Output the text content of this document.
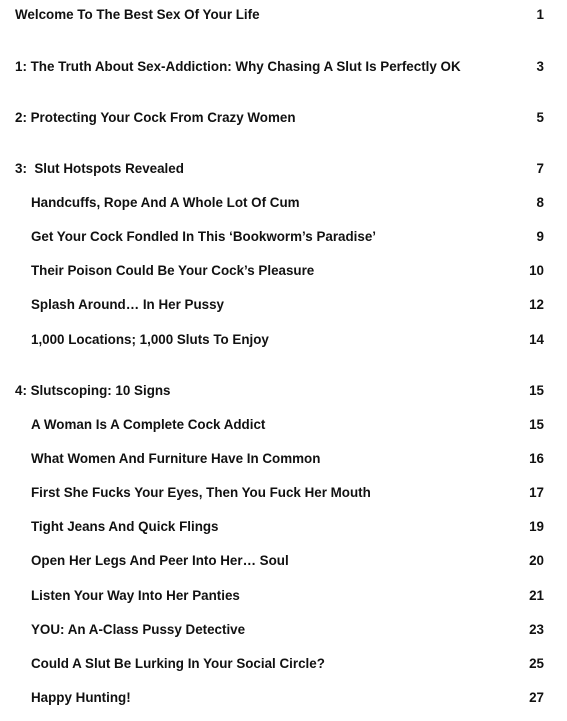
Welcome To The Best Sex Of Your Life	1
1: The Truth About Sex-Addiction: Why Chasing A Slut Is Perfectly OK	3
2: Protecting Your Cock From Crazy Women	5
3:  Slut Hotspots Revealed	7
Handcuffs, Rope And A Whole Lot Of Cum	8
Get Your Cock Fondled In This ‘Bookworm’s Paradise’	9
Their Poison Could Be Your Cock’s Pleasure	10
Splash Around… In Her Pussy	12
1,000 Locations; 1,000 Sluts To Enjoy	14
4: Slutscoping: 10 Signs	15
A Woman Is A Complete Cock Addict	15
What Women And Furniture Have In Common	16
First She Fucks Your Eyes, Then You Fuck Her Mouth	17
Tight Jeans And Quick Flings	19
Open Her Legs And Peer Into Her… Soul	20
Listen Your Way Into Her Panties	21
YOU: An A-Class Pussy Detective	23
Could A Slut Be Lurking In Your Social Circle?	25
Happy Hunting!	27
